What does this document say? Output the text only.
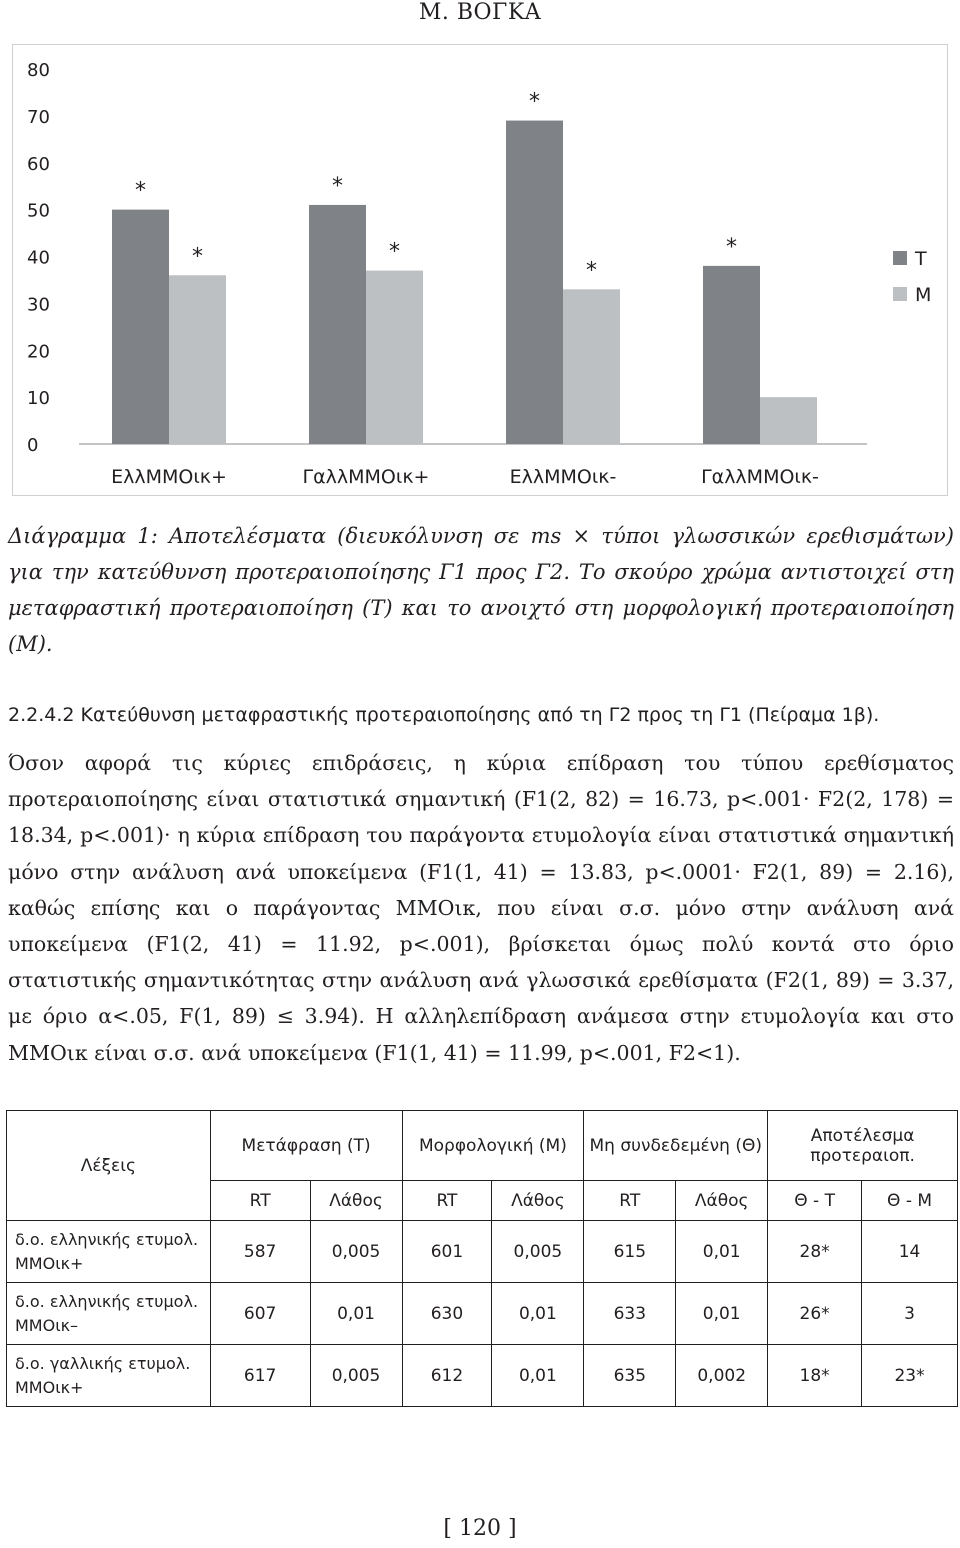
Μ. ΒΟΓΚΑ
80
70
60
50
40
30
20
10
0
*
*
ΕλλΜΜΟικ+
*
*
ΓαλλΜΜΟικ+
*
*
ΕλλΜΜΟικ-
*
ΓαλλΜΜΟικ-
Τ
Μ

Διάγραμμα 1: Αποτελέσματα (διευκόλυνση σε ms × τύποι γλωσσικών ερεθισμάτων) για την κατεύθυνση προτεραιοποίησης Γ1 προς Γ2. Το σκούρο χρώμα αντιστοιχεί στη μεταφραστική προτεραιοποίηση (Τ) και το ανοιχτό στη μορφολογική προτεραιοποίηση (Μ).

2.2.4.2 Κατεύθυνση μεταφραστικής προτεραιοποίησης από τη Γ2 προς τη Γ1 (Πείραμα 1β).

Όσον αφορά τις κύριες επιδράσεις, η κύρια επίδραση του τύπου ερεθίσματος προτεραιοποίησης είναι στατιστικά σημαντική (F1(2, 82) = 16.73, p<.001· F2(2, 178) = 18.34, p<.001)· η κύρια επίδραση του παράγοντα ετυμολογία είναι στατιστικά σημαντική μόνο στην ανάλυση ανά υποκείμενα (F1(1, 41) = 13.83, p<.0001· F2(1, 89) = 2.16), καθώς επίσης και ο παράγοντας ΜΜΟικ, που είναι σ.σ. μόνο στην ανάλυση ανά υποκείμενα (F1(2, 41) = 11.92, p<.001), βρίσκεται όμως πολύ κοντά στο όριο στατιστικής σημαντικότητας στην ανάλυση ανά γλωσσικά ερεθίσματα (F2(1, 89) = 3.37, με όριο α<.05, F(1, 89) ≤ 3.94). Η αλληλεπίδραση ανάμεσα στην ετυμολογία και στο ΜΜΟικ είναι σ.σ. ανά υποκείμενα (F1(1, 41) = 11.99, p<.001, F2<1).

Λέξεις	Μετάφραση (Τ)		Μορφολογική (Μ)		Μη συνδεδεμένη (Θ)		Αποτέλεσμα προτεραιοπ.	
	RT	Λάθος	RT	Λάθος	RT	Λάθος	Θ - Τ	Θ - Μ
δ.ο. ελληνικής ετυμολ. ΜΜΟικ+	587	0,005	601	0,005	615	0,01	28*	14
δ.ο. ελληνικής ετυμολ. ΜΜΟικ–	607	0,01	630	0,01	633	0,01	26*	3
δ.ο. γαλλικής ετυμολ. ΜΜΟικ+	617	0,005	612	0,01	635	0,002	18*	23*
[ 120 ]
